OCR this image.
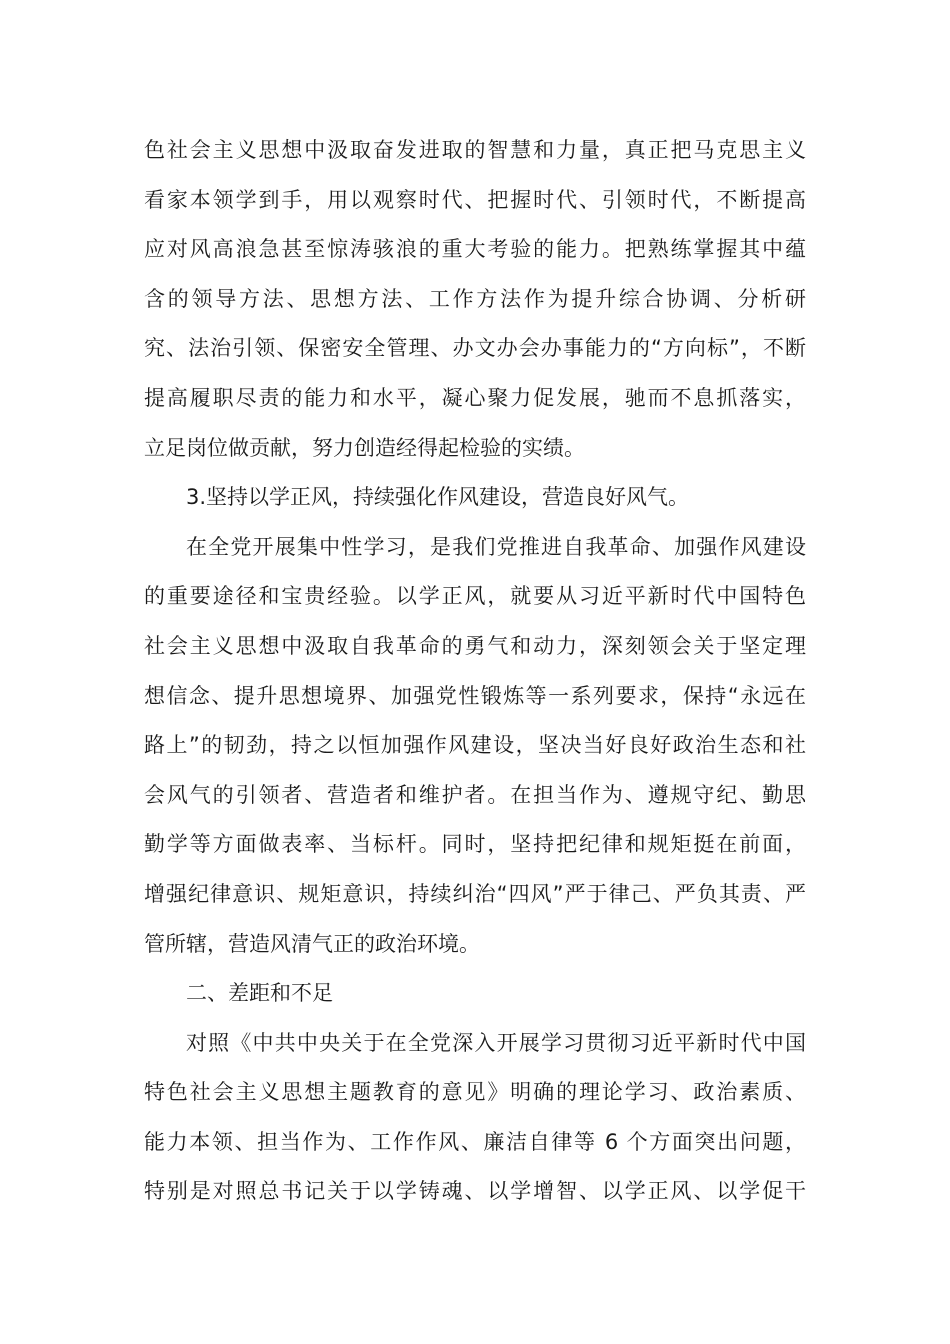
色社会主义思想中汲取奋发进取的智慧和力量，真正把马克思主义
看家本领学到手，用以观察时代、把握时代、引领时代，不断提高
应对风高浪急甚至惊涛骇浪的重大考验的能力。把熟练掌握其中蕴
含的领导方法、思想方法、工作方法作为提升综合协调、分析研
究、法治引领、保密安全管理、办文办会办事能力的“方向标”，不断
提高履职尽责的能力和水平，凝心聚力促发展，驰而不息抓落实，
立足岗位做贡献，努力创造经得起检验的实绩。

3.坚持以学正风，持续强化作风建设，营造良好风气。

在全党开展集中性学习，是我们党推进自我革命、加强作风建设
的重要途径和宝贵经验。以学正风，就要从习近平新时代中国特色
社会主义思想中汲取自我革命的勇气和动力，深刻领会关于坚定理
想信念、提升思想境界、加强党性锻炼等一系列要求，保持“永远在
路上”的韧劲，持之以恒加强作风建设，坚决当好良好政治生态和社
会风气的引领者、营造者和维护者。在担当作为、遵规守纪、勤思
勤学等方面做表率、当标杆。同时，坚持把纪律和规矩挺在前面，
增强纪律意识、规矩意识，持续纠治“四风”严于律己、严负其责、严
管所辖，营造风清气正的政治环境。

二、差距和不足

对照《中共中央关于在全党深入开展学习贯彻习近平新时代中国
特色社会主义思想主题教育的意见》明确的理论学习、政治素质、
能力本领、担当作为、工作作风、廉洁自律等 6 个方面突出问题，
特别是对照总书记关于以学铸魂、以学增智、以学正风、以学促干
